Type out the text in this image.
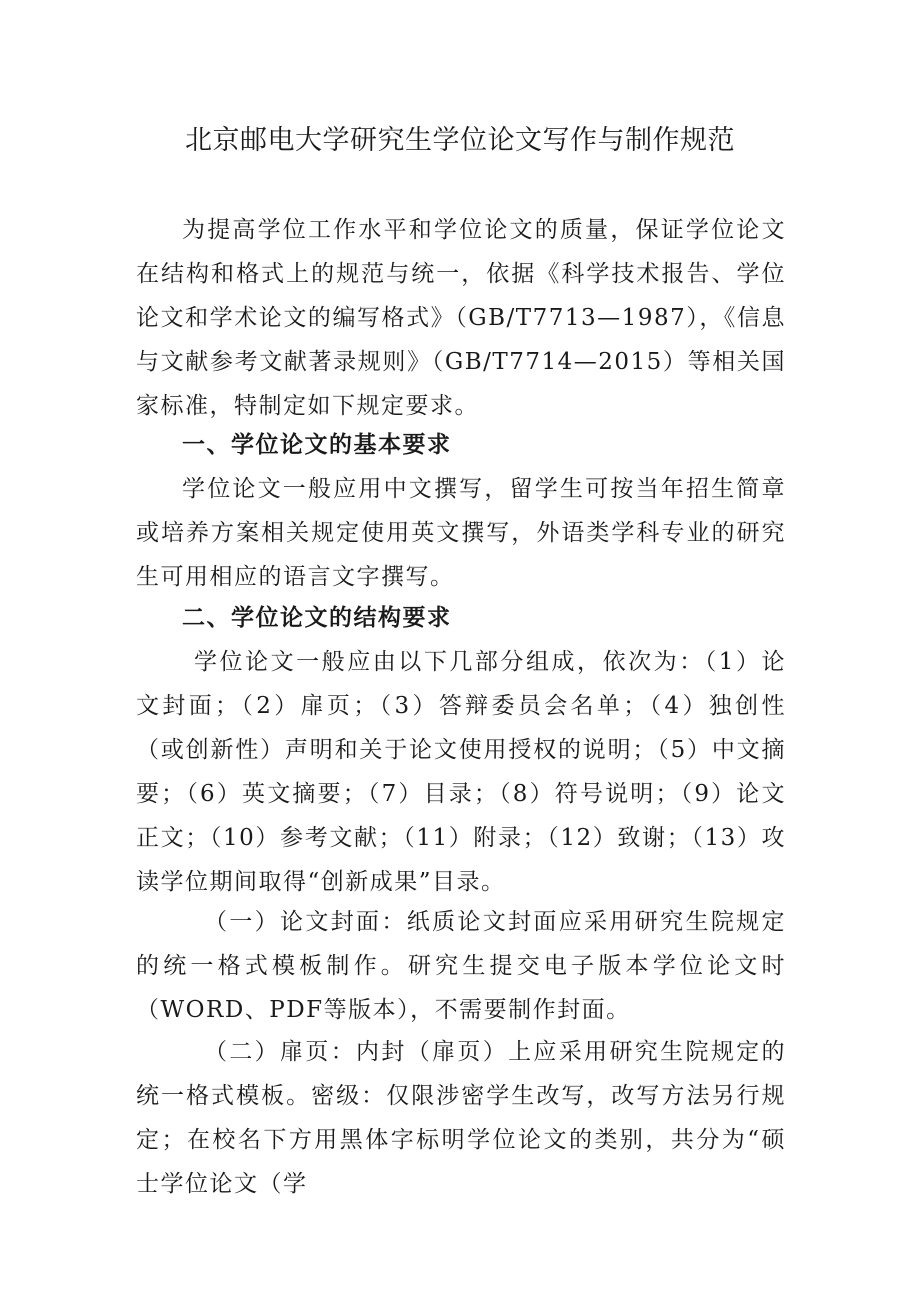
北京邮电大学研究生学位论文写作与制作规范

为提高学位工作水平和学位论文的质量，保证学位论文在结构和格式上的规范与统一，依据《科学技术报告、学位论文和学术论文的编写格式》（GB/T7713—1987），《信息与文献参考文献著录规则》（GB/T7714—2015）等相关国家标准，特制定如下规定要求。

一、学位论文的基本要求

学位论文一般应用中文撰写，留学生可按当年招生简章或培养方案相关规定使用英文撰写，外语类学科专业的研究生可用相应的语言文字撰写。

二、学位论文的结构要求

学位论文一般应由以下几部分组成，依次为：（1）论文封面；（2）扉页；（3）答辩委员会名单；（4）独创性（或创新性）声明和关于论文使用授权的说明；（5）中文摘要；（6）英文摘要；（7）目录；（8）符号说明；（9）论文正文；（10）参考文献；（11）附录；（12）致谢；（13）攻读学位期间取得“创新成果”目录。

（一）论文封面：纸质论文封面应采用研究生院规定的统一格式模板制作。研究生提交电子版本学位论文时（WORD、PDF等版本），不需要制作封面。

（二）扉页：内封（扉页）上应采用研究生院规定的统一格式模板。密级：仅限涉密学生改写，改写方法另行规定；在校名下方用黑体字标明学位论文的类别，共分为“硕士学位论文（学
